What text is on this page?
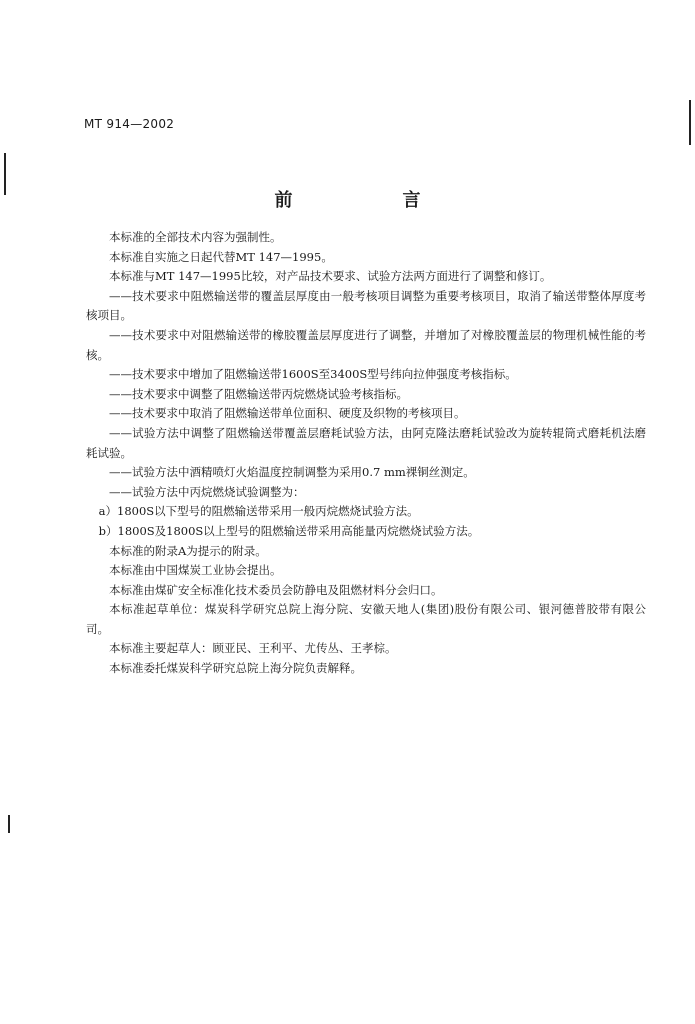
MT 914—2002
前　言

本标准的全部技术内容为强制性。

本标准自实施之日起代替MT 147—1995。

本标准与MT 147—1995比较，对产品技术要求、试验方法两方面进行了调整和修订。

——技术要求中阻燃输送带的覆盖层厚度由一般考核项目调整为重要考核项目，取消了输送带整体厚度考核项目。

——技术要求中对阻燃输送带的橡胶覆盖层厚度进行了调整，并增加了对橡胶覆盖层的物理机械性能的考核。

——技术要求中增加了阻燃输送带1600S至3400S型号纬向拉伸强度考核指标。

——技术要求中调整了阻燃输送带丙烷燃烧试验考核指标。

——技术要求中取消了阻燃输送带单位面积、硬度及织物的考核项目。

——试验方法中调整了阻燃输送带覆盖层磨耗试验方法，由阿克隆法磨耗试验改为旋转辊筒式磨耗机法磨耗试验。

——试验方法中酒精喷灯火焰温度控制调整为采用0.7 mm裸铜丝测定。

——试验方法中丙烷燃烧试验调整为：

a）1800S以下型号的阻燃输送带采用一般丙烷燃烧试验方法。

b）1800S及1800S以上型号的阻燃输送带采用高能量丙烷燃烧试验方法。

本标准的附录A为提示的附录。

本标准由中国煤炭工业协会提出。

本标准由煤矿安全标准化技术委员会防静电及阻燃材料分会归口。

本标准起草单位：煤炭科学研究总院上海分院、安徽天地人(集团)股份有限公司、银河德普胶带有限公司。

本标准主要起草人：顾亚民、王利平、尤传丛、王孝棕。

本标准委托煤炭科学研究总院上海分院负责解释。
